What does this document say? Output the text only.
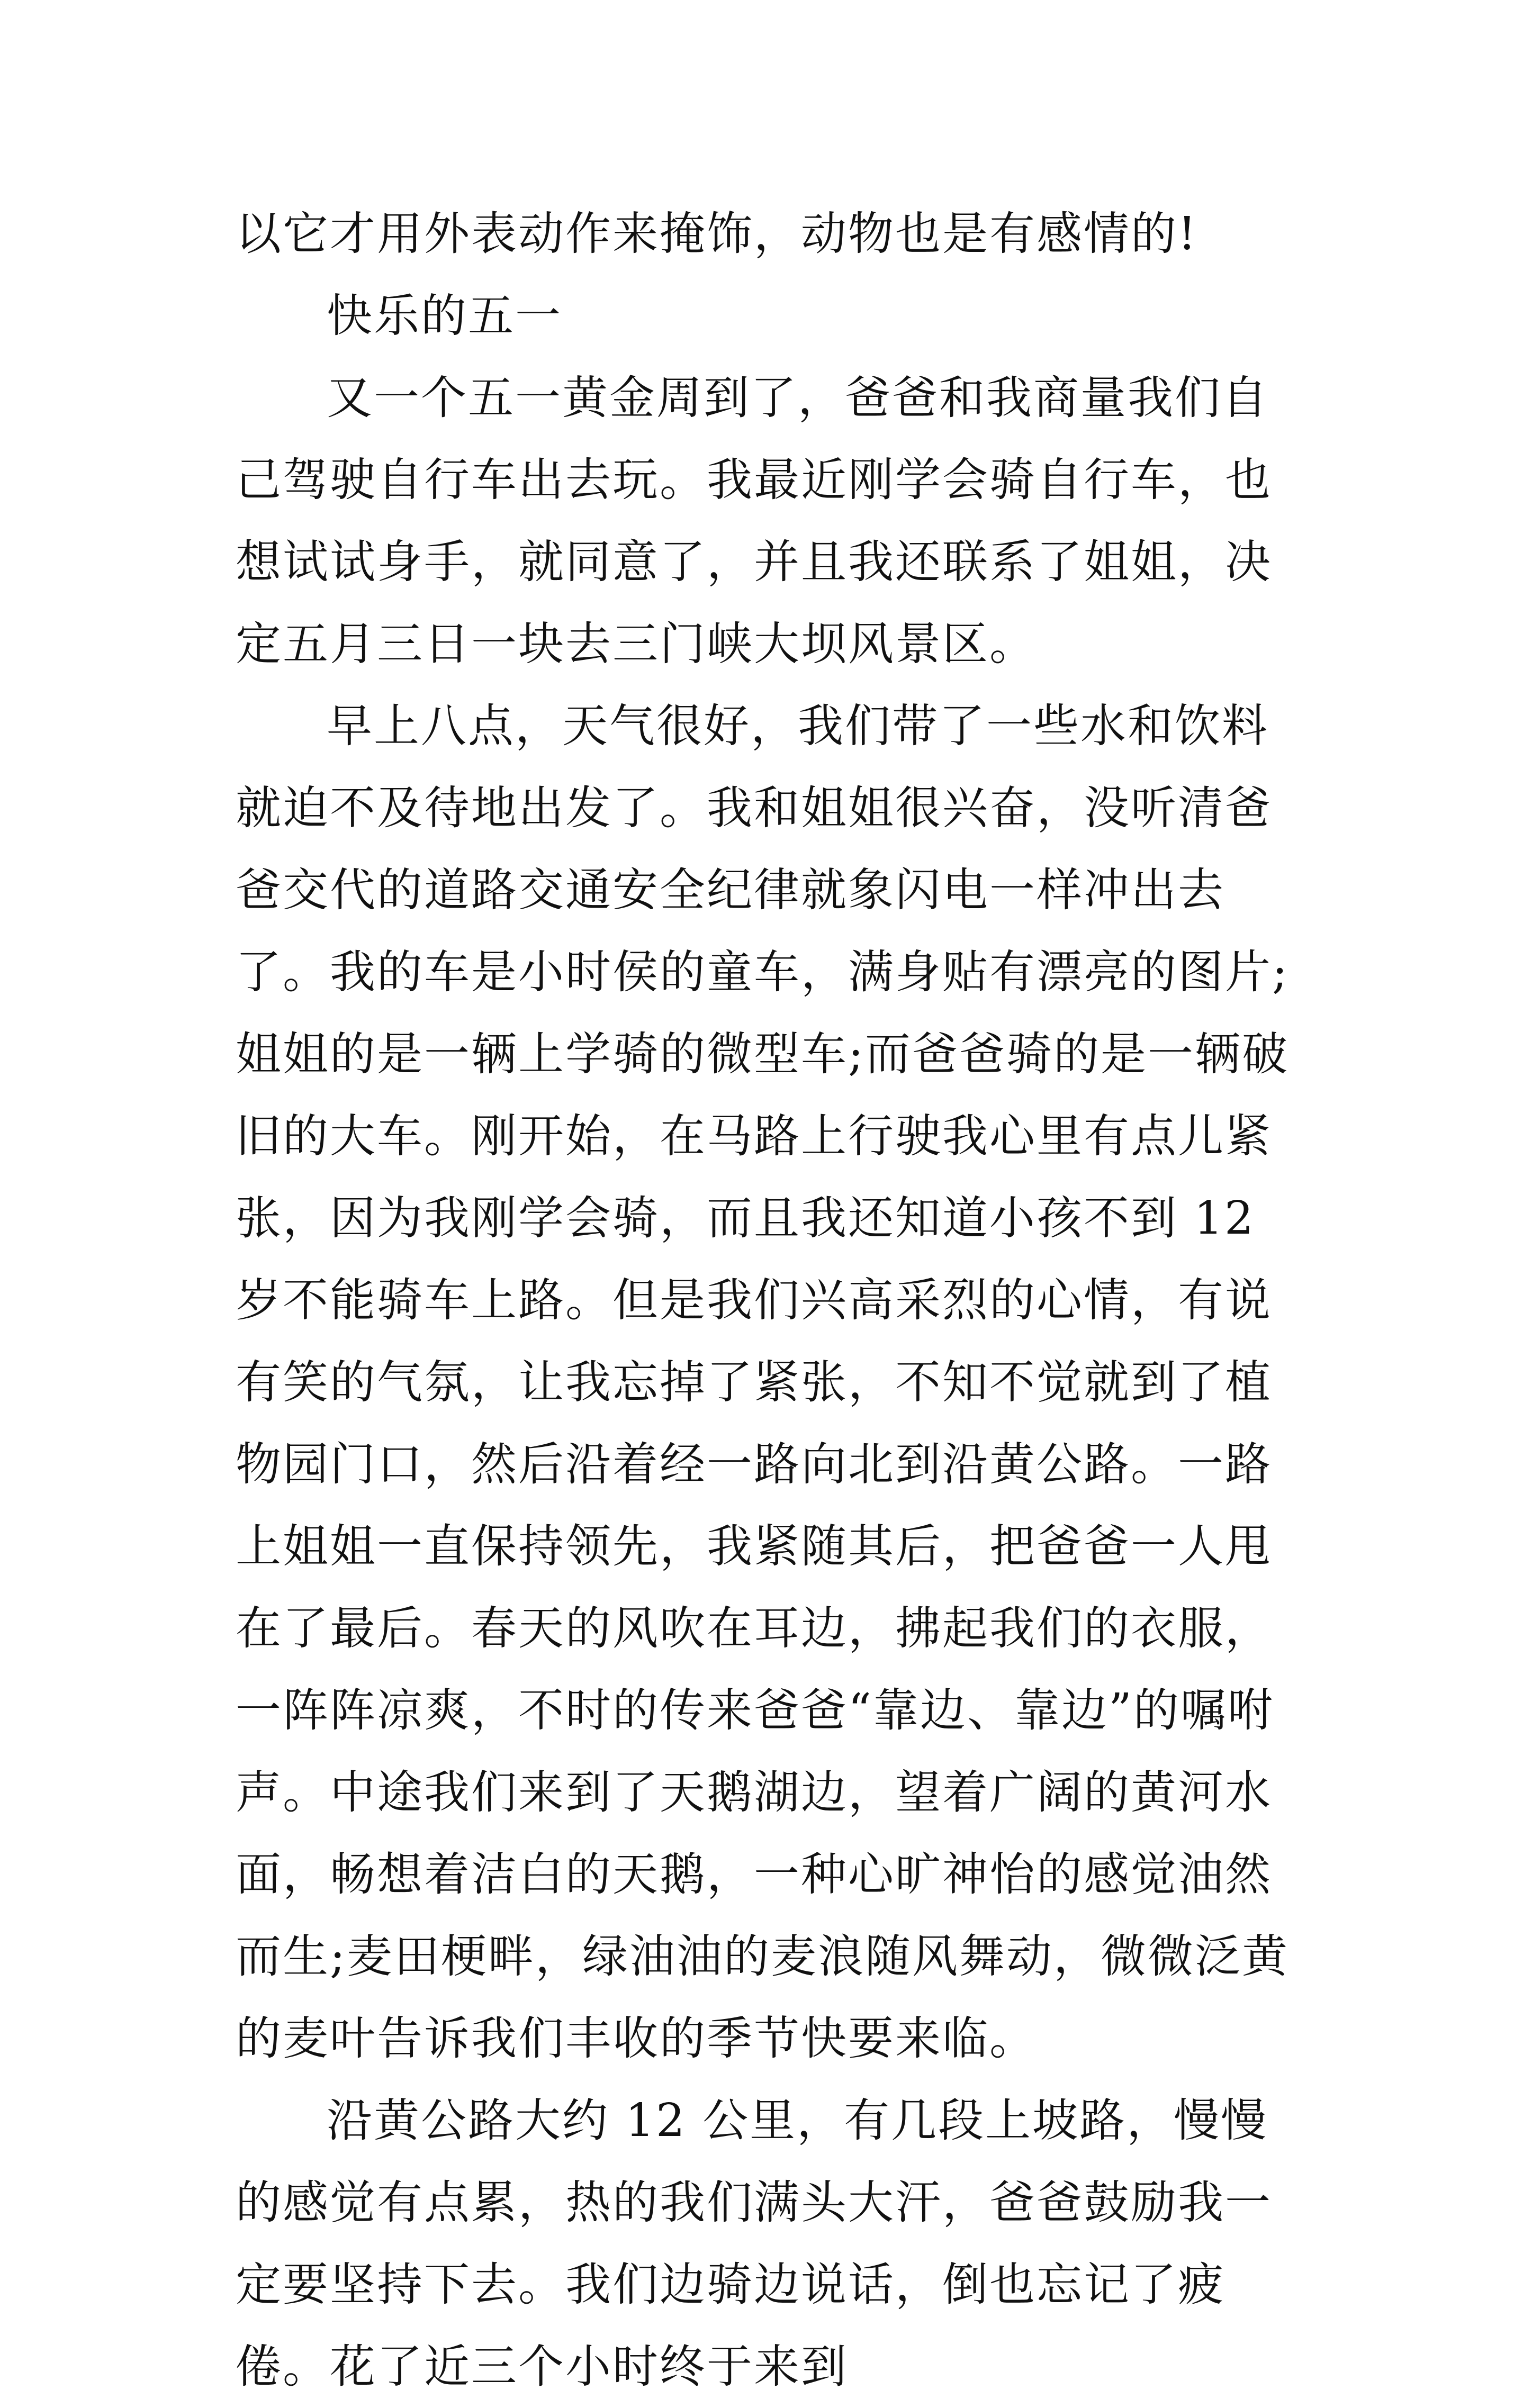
以它才用外表动作来掩饰，动物也是有感情的!

快乐的五一

又一个五一黄金周到了，爸爸和我商量我们自己驾驶自行车出去玩。我最近刚学会骑自行车，也想试试身手，就同意了，并且我还联系了姐姐，决定五月三日一块去三门峡大坝风景区。

早上八点，天气很好，我们带了一些水和饮料就迫不及待地出发了。我和姐姐很兴奋，没听清爸爸交代的道路交通安全纪律就象闪电一样冲出去了。我的车是小时侯的童车，满身贴有漂亮的图片;姐姐的是一辆上学骑的微型车;而爸爸骑的是一辆破旧的大车。刚开始，在马路上行驶我心里有点儿紧张，因为我刚学会骑，而且我还知道小孩不到 12 岁不能骑车上路。但是我们兴高采烈的心情，有说有笑的气氛，让我忘掉了紧张，不知不觉就到了植物园门口，然后沿着经一路向北到沿黄公路。一路上姐姐一直保持领先，我紧随其后，把爸爸一人甩在了最后。春天的风吹在耳边，拂起我们的衣服，一阵阵凉爽，不时的传来爸爸“靠边、靠边”的嘱咐声。中途我们来到了天鹅湖边，望着广阔的黄河水面，畅想着洁白的天鹅，一种心旷神怡的感觉油然而生;麦田梗畔，绿油油的麦浪随风舞动，微微泛黄的麦叶告诉我们丰收的季节快要来临。

沿黄公路大约 12 公里，有几段上坡路，慢慢的感觉有点累，热的我们满头大汗，爸爸鼓励我一定要坚持下去。我们边骑边说话，倒也忘记了疲倦。花了近三个小时终于来到
